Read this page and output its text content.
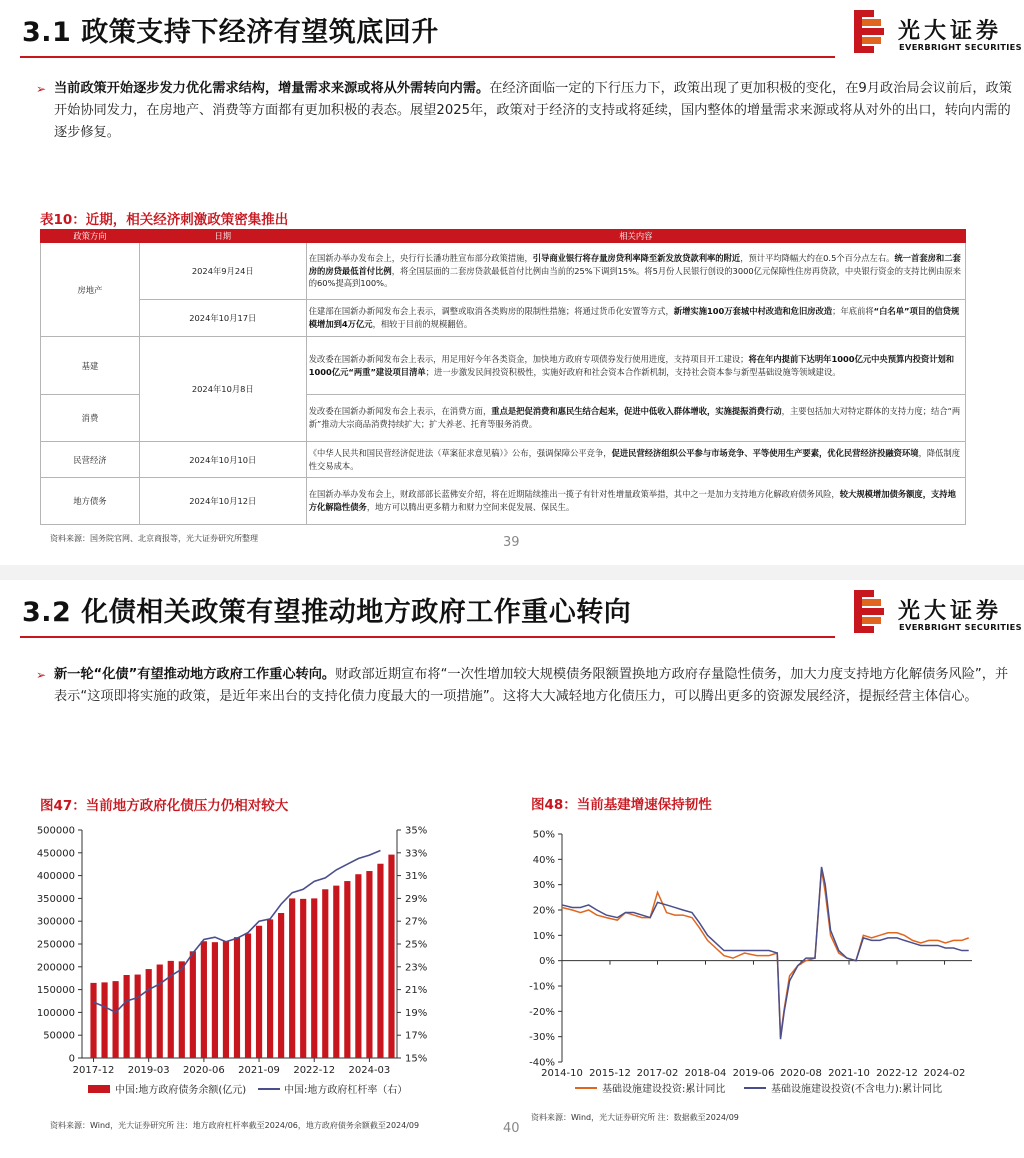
3.1 政策支持下经济有望筑底回升	光大证券
EVERBRIGHT SECURITIES
➢ 当前政策开始逐步发力优化需求结构，增量需求来源或将从外需转向内需。在经济面临一定的下行压力下，政策出现了更加积极的变化，在9月政治局会议前后，政策开始协同发力，在房地产、消费等方面都有更加积极的表态。展望2025年，政策对于经济的支持或将延续，国内整体的增量需求来源或将从对外的出口，转向内需的逐步修复。
表10：近期，相关经济刺激政策密集推出
政策方向	日期	相关内容
房地产	2024年9月24日	在国新办举办发布会上，央行行长潘功胜宣布部分政策措施，引导商业银行将存量房贷利率降至新发放贷款利率的附近，预计平均降幅大约在0.5个百分点左右。统一首套房和二套房的房贷最低首付比例，将全国层面的二套房贷款最低首付比例由当前的25%下调到15%。将5月份人民银行创设的3000亿元保障性住房再贷款，中央银行资金的支持比例由原来的60%提高到100%。
	2024年10月17日	住建部在国新办新闻发布会上表示，调整或取消各类购房的限制性措施；将通过货币化安置等方式，新增实施100万套城中村改造和危旧房改造；年底前将“白名单”项目的信贷规模增加到4万亿元，相较于目前的规模翻倍。
基建	2024年10月8日	发改委在国新办新闻发布会上表示，用足用好今年各类资金，加快地方政府专项债券发行使用进度，支持项目开工建设；将在年内提前下达明年1000亿元中央预算内投资计划和1000亿元“两重”建设项目清单；进一步激发民间投资积极性，实施好政府和社会资本合作新机制，支持社会资本参与新型基础设施等领域建设。
消费		发改委在国新办新闻发布会上表示，在消费方面，重点是把促消费和惠民生结合起来，促进中低收入群体增收，实施提振消费行动，主要包括加大对特定群体的支持力度；结合“两新”推动大宗商品消费持续扩大；扩大养老、托育等服务消费。
民营经济	2024年10月10日	《中华人民共和国民营经济促进法（草案征求意见稿）》公布，强调保障公平竞争，促进民营经济组织公平参与市场竞争、平等使用生产要素，优化民营经济投融资环境，降低制度性交易成本。
地方债务	2024年10月12日	在国新办举办发布会上，财政部部长蓝佛安介绍，将在近期陆续推出一揽子有针对性增量政策举措，其中之一是加力支持地方化解政府债务风险，较大规模增加债务额度，支持地方化解隐性债务，地方可以腾出更多精力和财力空间来促发展、保民生。
资料来源：国务院官网、北京商报等，光大证券研究所整理	39
3.2 化债相关政策有望推动地方政府工作重心转向	光大证券
EVERBRIGHT SECURITIES
➢ 新一轮“化债”有望推动地方政府工作重心转向。财政部近期宣布将“一次性增加较大规模债务限额置换地方政府存量隐性债务，加大力度支持地方化解债务风险”，并表示“这项即将实施的政策，是近年来出台的支持化债力度最大的一项措施”。这将大大减轻地方化债压力，可以腾出更多的资源发展经济，提振经营主体信心。
图47：当前地方政府化债压力仍相对较大	图48：当前基建增速保持韧性
0
50000
100000
150000
200000
250000
300000
350000
400000
450000
500000
15%
17%
19%
21%
23%
25%
27%
29%
31%
33%
35%
2017-12 2019-03 2020-06 2021-09 2022-12 2024-03
中国:地方政府债务余额(亿元)	中国:地方政府杠杆率（右）
-40%
-30%
-20%
-10%
0%
10%
20%
30%
40%
50%
2014-10 2015-12 2017-02 2018-04 2019-06 2020-08 2021-10 2022-12 2024-02
基础设施建设投资:累计同比	基础设施建设投资(不含电力):累计同比
资料来源：Wind，光大证券研究所 注：地方政府杠杆率截至2024/06，地方政府债务余额截至2024/09
资料来源：Wind，光大证券研究所 注：数据截至2024/09
40
